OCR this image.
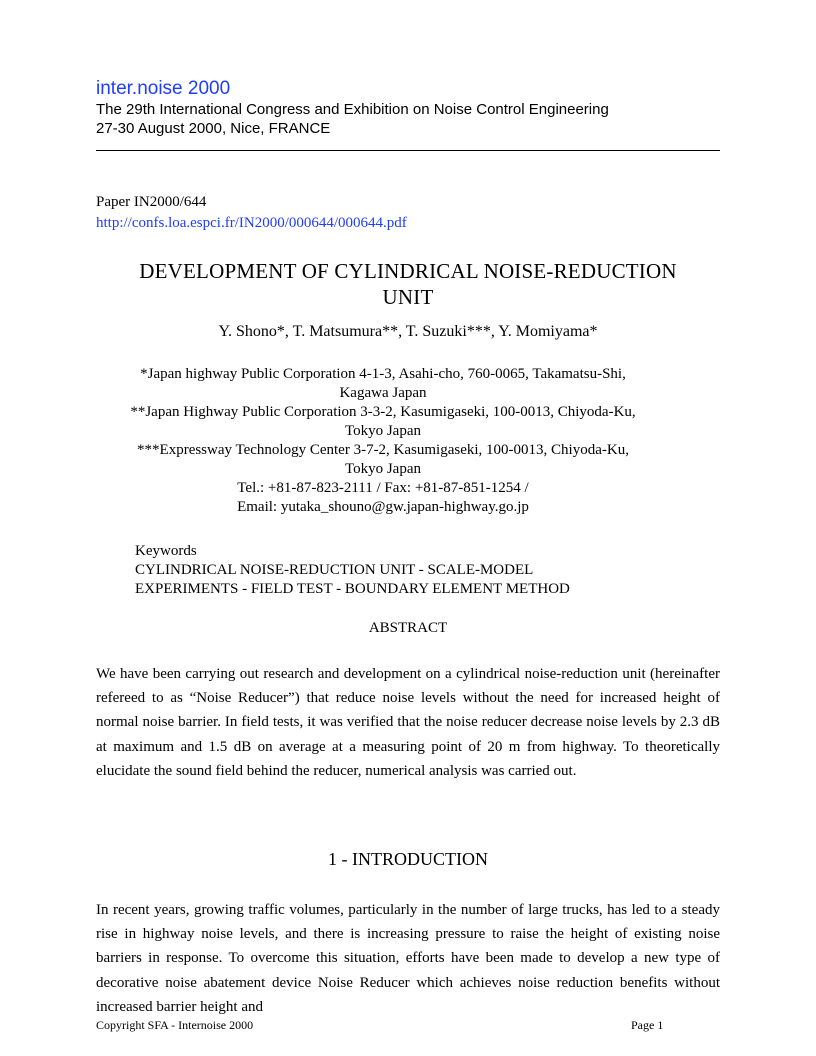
inter.noise 2000
The 29th International Congress and Exhibition on Noise Control Engineering
27-30 August 2000, Nice, FRANCE
Paper IN2000/644
http://confs.loa.espci.fr/IN2000/000644/000644.pdf
DEVELOPMENT OF CYLINDRICAL NOISE-REDUCTION
UNIT
Y. Shono*, T. Matsumura**, T. Suzuki***, Y. Momiyama*
*Japan highway Public Corporation 4-1-3, Asahi-cho, 760-0065, Takamatsu-Shi,
Kagawa Japan
**Japan Highway Public Corporation 3-3-2, Kasumigaseki, 100-0013, Chiyoda-Ku,
Tokyo Japan
***Expressway Technology Center 3-7-2, Kasumigaseki, 100-0013, Chiyoda-Ku,
Tokyo Japan
Tel.: +81-87-823-2111 / Fax: +81-87-851-1254 /
Email: yutaka_shouno@gw.japan-highway.go.jp
Keywords
CYLINDRICAL NOISE-REDUCTION UNIT - SCALE-MODEL
EXPERIMENTS - FIELD TEST - BOUNDARY ELEMENT METHOD
ABSTRACT
We have been carrying out research and development on a cylindrical noise-reduction unit (hereinafter refereed to as “Noise Reducer”) that reduce noise levels without the need for increased height of normal noise barrier. In field tests, it was verified that the noise reducer decrease noise levels by 2.3 dB at maximum and 1.5 dB on average at a measuring point of 20 m from highway. To theoretically elucidate the sound field behind the reducer, numerical analysis was carried out.
1 - INTRODUCTION
In recent years, growing traffic volumes, particularly in the number of large trucks, has led to a steady rise in highway noise levels, and there is increasing pressure to raise the height of existing noise barriers in response. To overcome this situation, efforts have been made to develop a new type of decorative noise abatement device Noise Reducer which achieves noise reduction benefits without increased barrier height and
Copyright SFA - Internoise 2000	Page 1
